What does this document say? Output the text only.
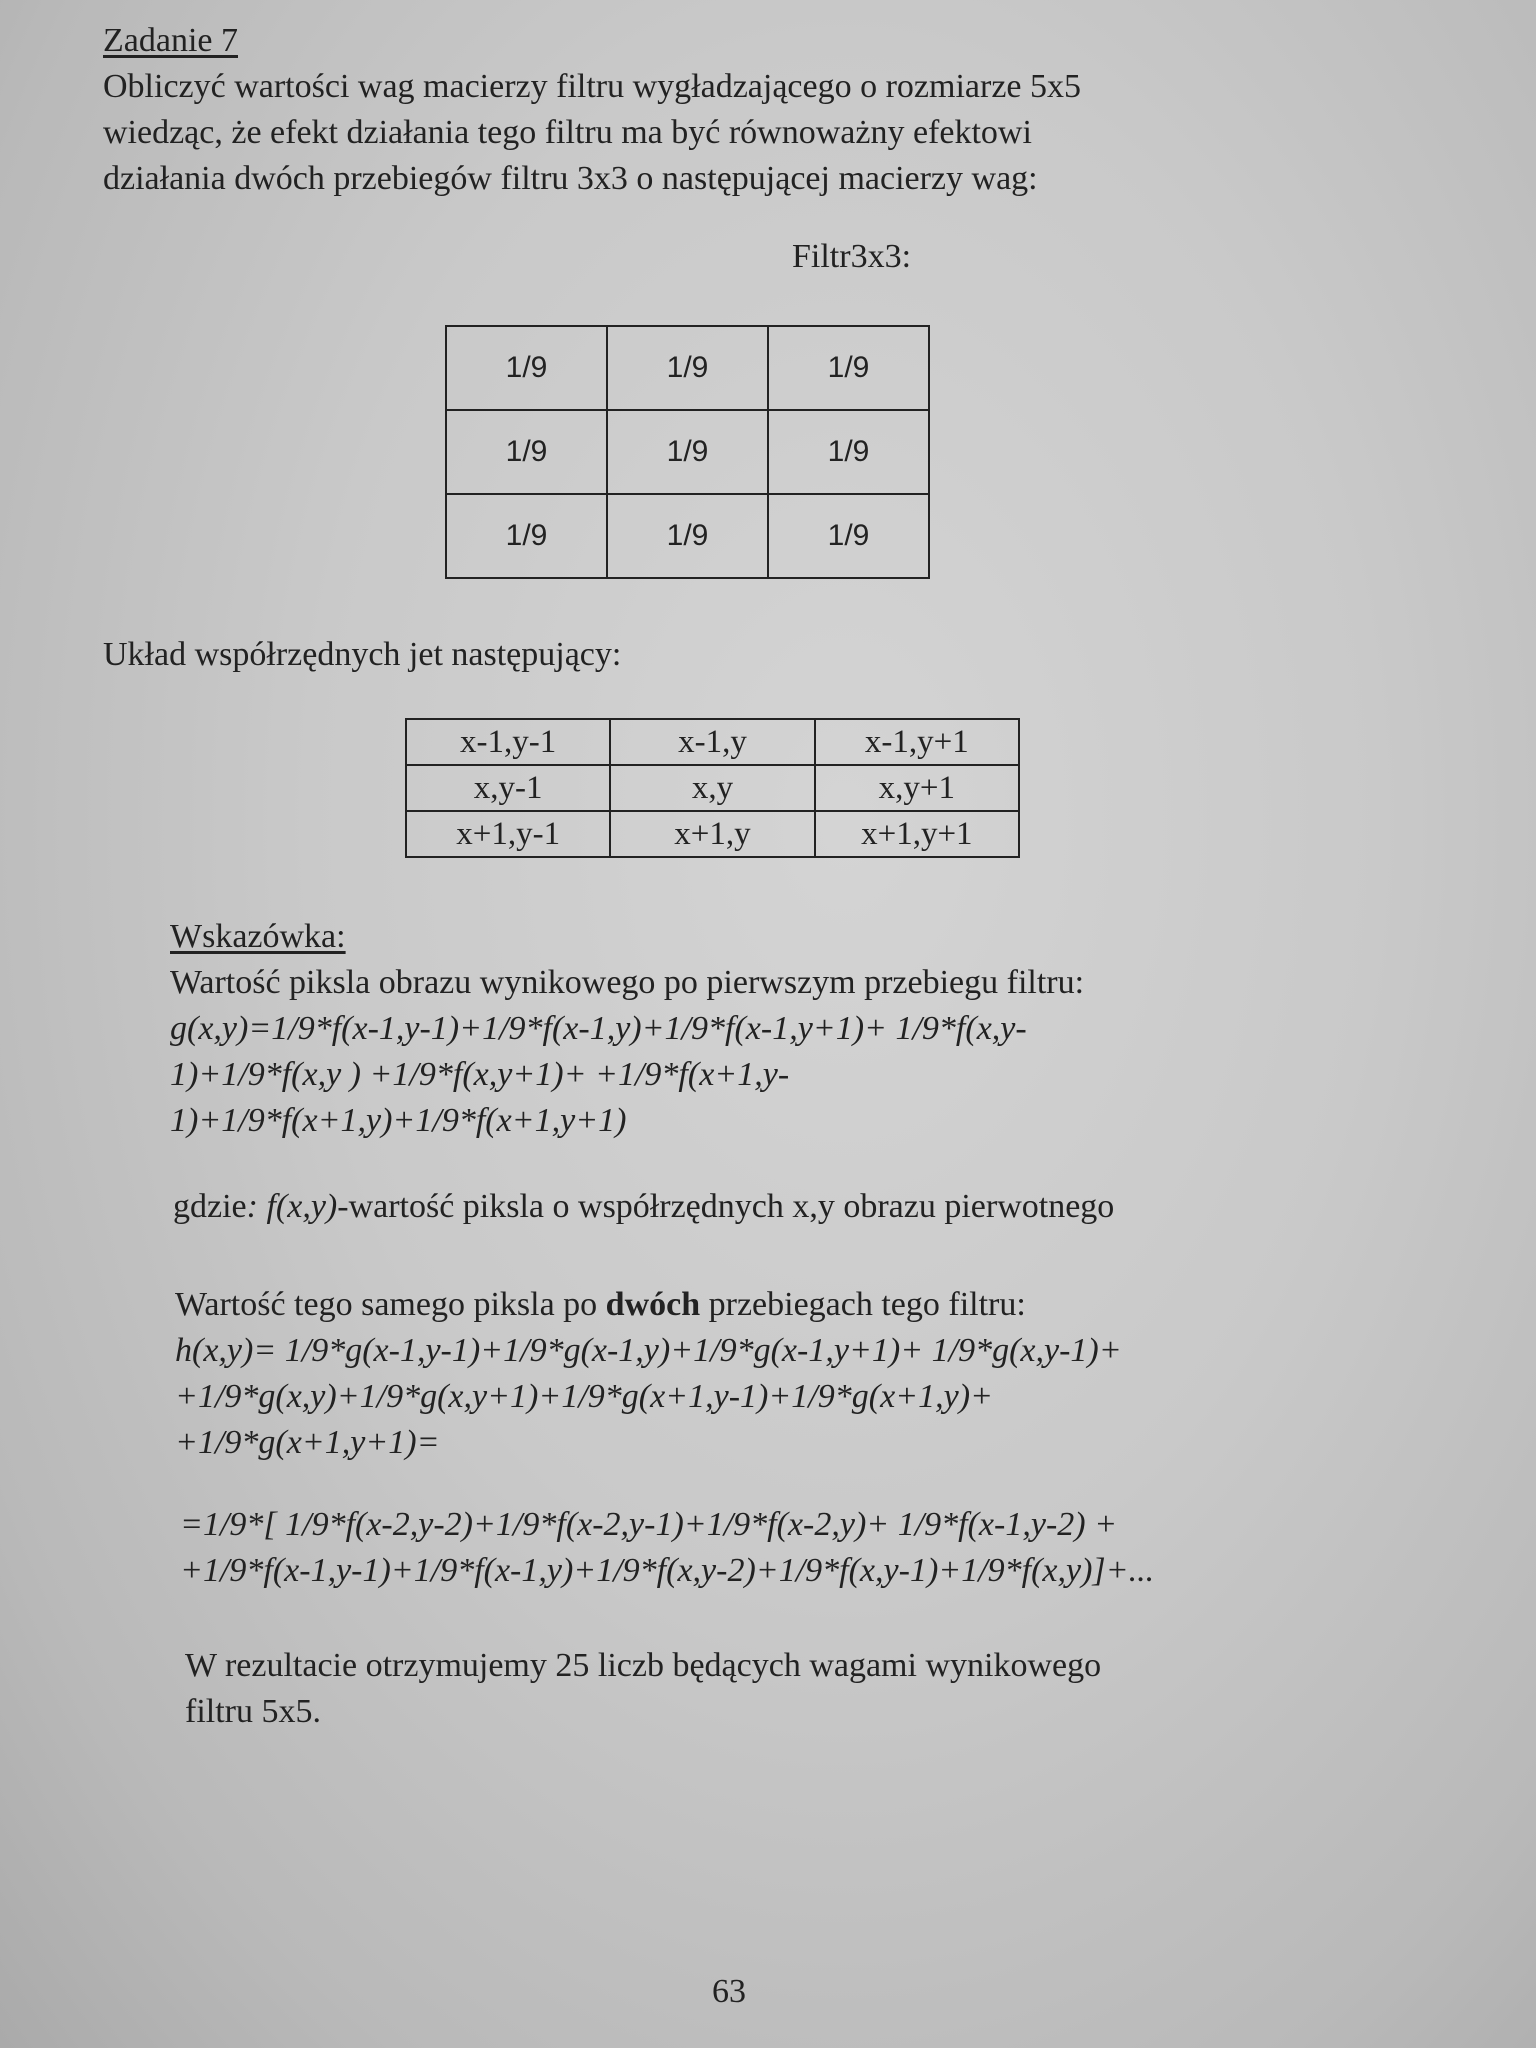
Zadanie 7
Obliczyć wartości wag macierzy filtru wygładzającego o rozmiarze 5x5
wiedząc, że efekt działania tego filtru ma być równoważny efektowi
działania dwóch przebiegów filtru 3x3 o następującej macierzy wag:
Filtr3x3:
1/9	1/9	1/9
1/9	1/9	1/9
1/9	1/9	1/9
Układ współrzędnych jet następujący:
x-1,y-1	x-1,y	x-1,y+1
x,y-1	x,y	x,y+1
x+1,y-1	x+1,y	x+1,y+1
Wskazówka:
Wartość piksla obrazu wynikowego po pierwszym przebiegu filtru:
g(x,y)=1/9*f(x-1,y-1)+1/9*f(x-1,y)+1/9*f(x-1,y+1)+ 1/9*f(x,y-
1)+1/9*f(x,y ) +1/9*f(x,y+1)+ +1/9*f(x+1,y-
1)+1/9*f(x+1,y)+1/9*f(x+1,y+1)
gdzie: f(x,y)-wartość piksla o współrzędnych x,y obrazu pierwotnego
Wartość tego samego piksla po dwóch przebiegach tego filtru:
h(x,y)= 1/9*g(x-1,y-1)+1/9*g(x-1,y)+1/9*g(x-1,y+1)+ 1/9*g(x,y-1)+
+1/9*g(x,y)+1/9*g(x,y+1)+1/9*g(x+1,y-1)+1/9*g(x+1,y)+
+1/9*g(x+1,y+1)=
=1/9*[ 1/9*f(x-2,y-2)+1/9*f(x-2,y-1)+1/9*f(x-2,y)+ 1/9*f(x-1,y-2) +
+1/9*f(x-1,y-1)+1/9*f(x-1,y)+1/9*f(x,y-2)+1/9*f(x,y-1)+1/9*f(x,y)]+...
W rezultacie otrzymujemy 25 liczb będących wagami wynikowego
filtru 5x5.
63
